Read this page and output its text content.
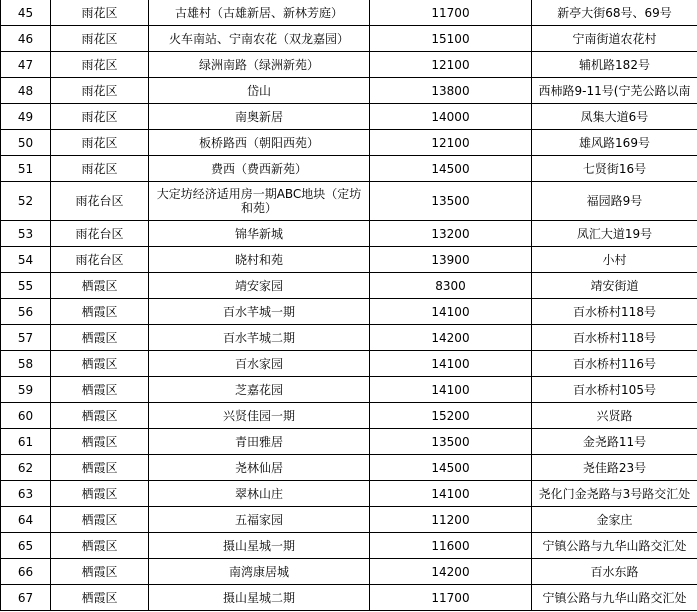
45	雨花区	古雄村（古雄新居、新林芳庭）	11700	新亭大街68号、69号
46	雨花区	火车南站、宁南农花（双龙嘉园）	15100	宁南街道农花村
47	雨花区	绿洲南路（绿洲新苑）	12100	辅机路182号
48	雨花区	岱山	13800	西柿路9-11号(宁芜公路以南
49	雨花区	南奥新居	14000	凤集大道6号
50	雨花区	板桥路西（朝阳西苑）	12100	雄风路169号
51	雨花区	费西（费西新苑）	14500	七贤街16号
52	雨花台区	大定坊经济适用房一期ABC地块（定坊和苑）	13500	福园路9号
53	雨花台区	锦华新城	13200	凤汇大道19号
54	雨花台区	晓村和苑	13900	小村
55	栖霞区	靖安家园	8300	靖安街道
56	栖霞区	百水芊城一期	14100	百水桥村118号
57	栖霞区	百水芊城二期	14200	百水桥村118号
58	栖霞区	百水家园	14100	百水桥村116号
59	栖霞区	芝嘉花园	14100	百水桥村105号
60	栖霞区	兴贤佳园一期	15200	兴贤路
61	栖霞区	青田雅居	13500	金尧路11号
62	栖霞区	尧林仙居	14500	尧佳路23号
63	栖霞区	翠林山庄	14100	尧化门金尧路与3号路交汇处
64	栖霞区	五福家园	11200	金家庄
65	栖霞区	摄山星城一期	11600	宁镇公路与九华山路交汇处
66	栖霞区	南湾康居城	14200	百水东路
67	栖霞区	摄山星城二期	11700	宁镇公路与九华山路交汇处
